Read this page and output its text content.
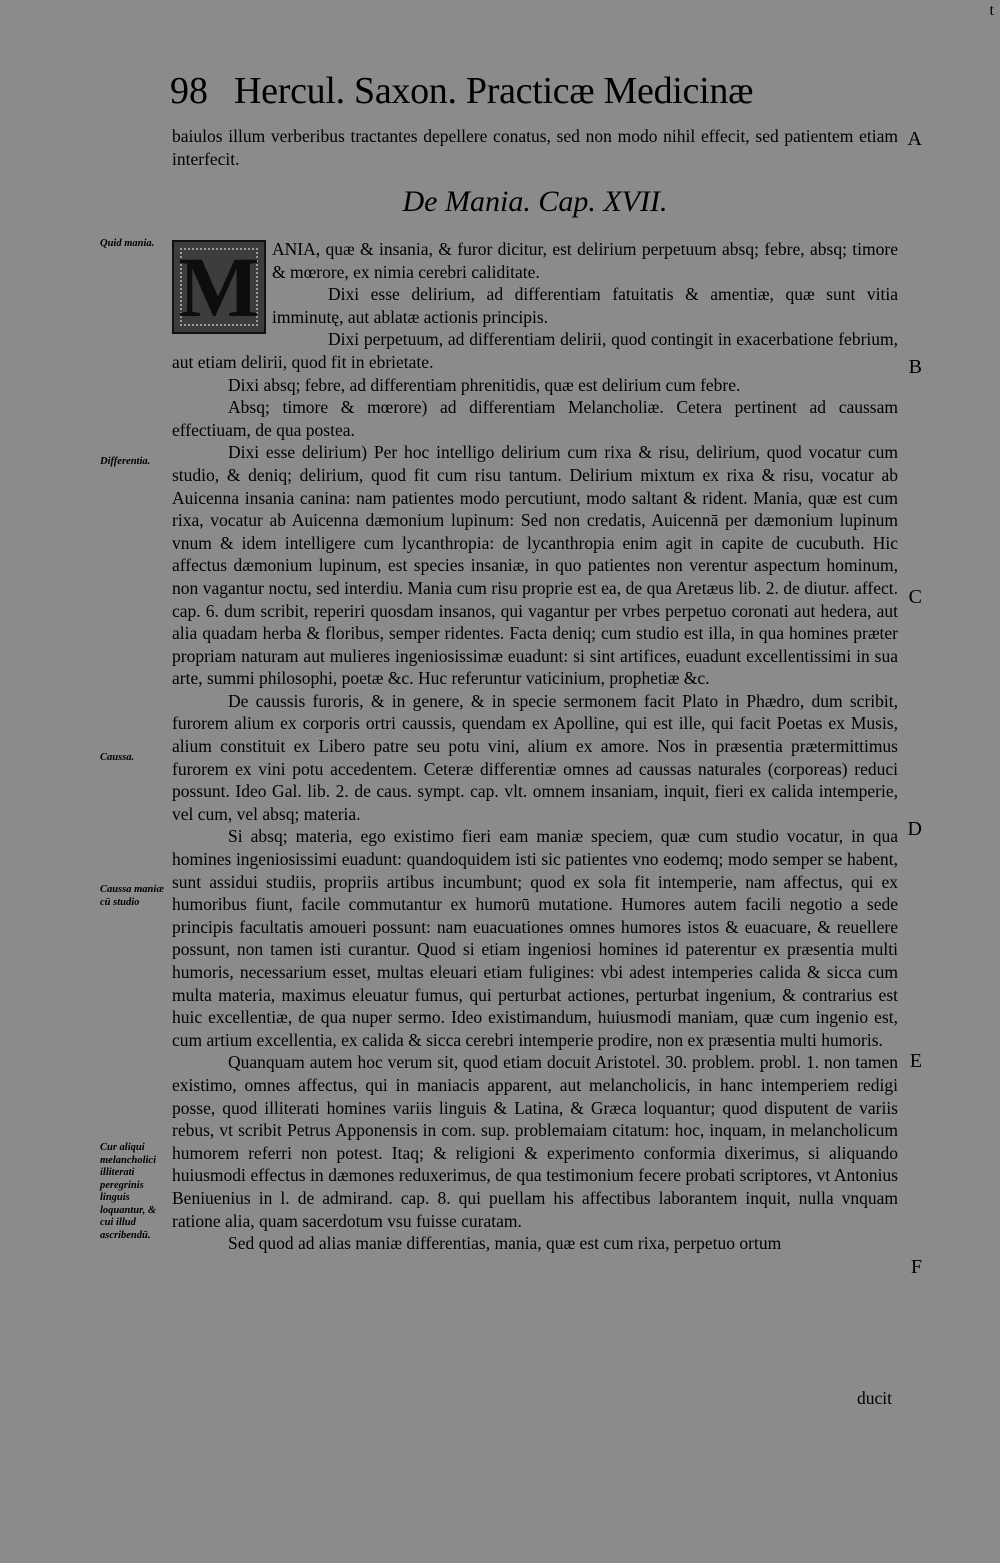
t
98 Hercul. Saxon. Practicæ Medicinæ

baiulos illum verberibus tractantes depellere conatus, sed non modo nihil effecit, sed patientem etiam interfecit.

De Mania. Cap. XVII.
M ANIA, quæ & insania, & furor dicitur, est delirium perpetuum absq; febre, absq; timore & mœrore, ex nimia cerebri caliditate.

Dixi esse delirium, ad differentiam fatuitatis & amentiæ, quæ sunt vitia imminutę, aut ablatæ actionis principis.

Dixi perpetuum, ad differentiam delirii, quod contingit in exacerbatione febrium, aut etiam delirii, quod fit in ebrietate.

Dixi absq; febre, ad differentiam phrenitidis, quæ est delirium cum febre.

Absq; timore & mœrore) ad differentiam Melancholiæ. Cetera pertinent ad caussam effectiuam, de qua postea.

Dixi esse delirium) Per hoc intelligo delirium cum rixa & risu, delirium, quod vocatur cum studio, & deniq; delirium, quod fit cum risu tantum. Delirium mixtum ex rixa & risu, vocatur ab Auicenna insania canina: nam patientes modo percutiunt, modo saltant & rident. Mania, quæ est cum rixa, vocatur ab Auicenna dæmonium lupinum: Sed non credatis, Auicennā per dæmonium lupinum vnum & idem intelligere cum lycanthropia: de lycanthropia enim agit in capite de cucubuth. Hic affectus dæmonium lupinum, est species insaniæ, in quo patientes non verentur aspectum hominum, non vagantur noctu, sed interdiu. Mania cum risu proprie est ea, de qua Aretæus lib. 2. de diutur. affect. cap. 6. dum scribit, reperiri quosdam insanos, qui vagantur per vrbes perpetuo coronati aut hedera, aut alia quadam herba & floribus, semper ridentes. Facta deniq; cum studio est illa, in qua homines præter propriam naturam aut mulieres ingeniosissimæ euadunt: si sint artifices, euadunt excellentissimi in sua arte, summi philosophi, poetæ &c. Huc referuntur vaticinium, prophetiæ &c.

De caussis furoris, & in genere, & in specie sermonem facit Plato in Phædro, dum scribit, furorem alium ex corporis ortri caussis, quendam ex Apolline, qui est ille, qui facit Poetas ex Musis, alium constituit ex Libero patre seu potu vini, alium ex amore. Nos in præsentia prætermittimus furorem ex vini potu accedentem. Ceteræ differentiæ omnes ad caussas naturales (corporeas) reduci possunt. Ideo Gal. lib. 2. de caus. sympt. cap. vlt. omnem insaniam, inquit, fieri ex calida intemperie, vel cum, vel absq; materia.

Si absq; materia, ego existimo fieri eam maniæ speciem, quæ cum studio vocatur, in qua homines ingeniosissimi euadunt: quandoquidem isti sic patientes vno eodemq; modo semper se habent, sunt assidui studiis, propriis artibus incumbunt; quod ex sola fit intemperie, nam affectus, qui ex humoribus fiunt, facile commutantur ex humorū mutatione. Humores autem facili negotio a sede principis facultatis amoueri possunt: nam euacuationes omnes humores istos & euacuare, & reuellere possunt, non tamen isti curantur. Quod si etiam ingeniosi homines id paterentur ex præsentia multi humoris, necessarium esset, multas eleuari etiam fuligines: vbi adest intemperies calida & sicca cum multa materia, maximus eleuatur fumus, qui perturbat actiones, perturbat ingenium, & contrarius est huic excellentiæ, de qua nuper sermo. Ideo existimandum, huiusmodi maniam, quæ cum ingenio est, cum artium excellentia, ex calida & sicca cerebri intemperie prodire, non ex præsentia multi humoris.

Quanquam autem hoc verum sit, quod etiam docuit Aristotel. 30. problem. probl. 1. non tamen existimo, omnes affectus, qui in maniacis apparent, aut melancholicis, in hanc intemperiem redigi posse, quod illiterati homines variis linguis & Latina, & Græca loquantur; quod disputent de variis rebus, vt scribit Petrus Apponensis in com. sup. problemaiam citatum: hoc, inquam, in melancholicum humorem referri non potest. Itaq; & religioni & experimento conformia dixerimus, si aliquando huiusmodi effectus in dæmones reduxerimus, de qua testimonium fecere probati scriptores, vt Antonius Beniuenius in l. de admirand. cap. 8. qui puellam his affectibus laborantem inquit, nulla vnquam ratione alia, quam sacerdotum vsu fuisse curatam.

Sed quod ad alias maniæ differentias, mania, quæ est cum rixa, perpetuo ortum

ducit
Quid mania.
Differentia.
Caussa.
Caussa maniæ cū studio
Cur aliqui melancholici illiterati peregrinis linguis loquantur, & cui illud ascribendū.
A
B
C
D
E
F
